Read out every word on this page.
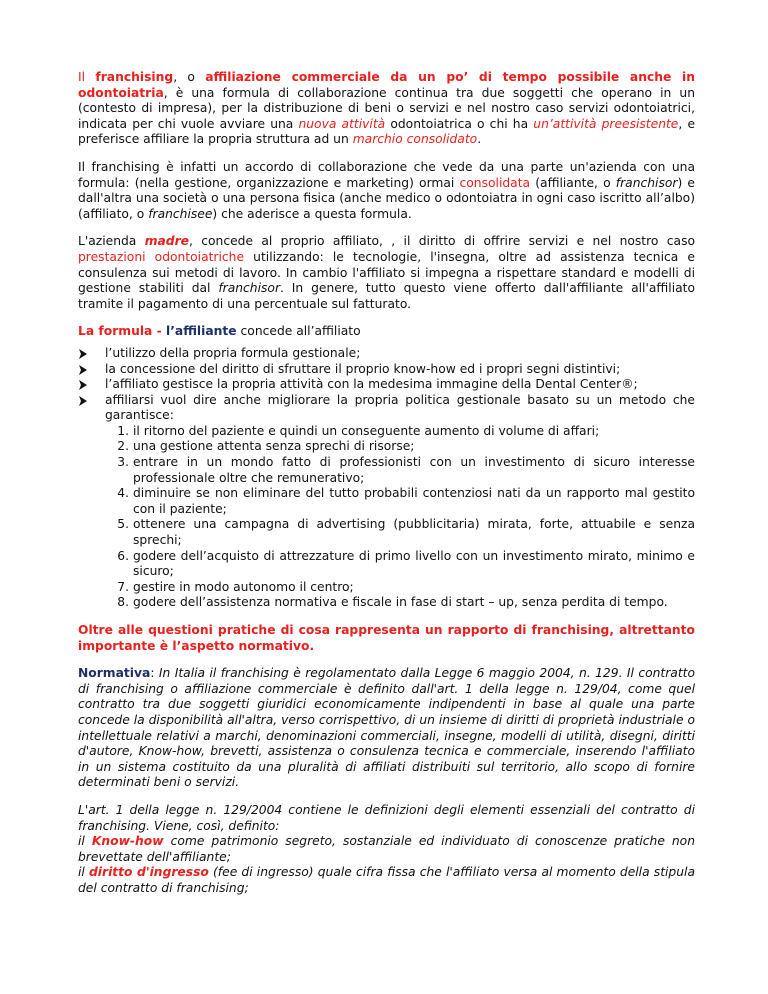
Il franchising, o affiliazione commerciale da un po’ di tempo possibile anche in odontoiatria, è una formula di collaborazione continua tra due soggetti che operano in un (contesto di impresa), per la distribuzione di beni o servizi e nel nostro caso servizi odontoiatrici, indicata per chi vuole avviare una nuova attività odontoiatrica o chi ha un’attività preesistente, e preferisce affiliare la propria struttura ad un marchio consolidato.

Il franchising è infatti un accordo di collaborazione che vede da una parte un'azienda con una formula: (nella gestione, organizzazione e marketing) ormai consolidata (affiliante, o franchisor) e dall'altra una società o una persona fisica (anche medico o odontoiatra in ogni caso iscritto all’albo) (affiliato, o franchisee) che aderisce a questa formula.

L'azienda madre, concede al proprio affiliato, , il diritto di offrire servizi e nel nostro caso prestazioni odontoiatriche utilizzando: le tecnologie, l'insegna, oltre ad assistenza tecnica e consulenza sui metodi di lavoro. In cambio l'affiliato si impegna a rispettare standard e modelli di gestione stabiliti dal franchisor. In genere, tutto questo viene offerto dall'affiliante all'affiliato tramite il pagamento di una percentuale sul fatturato.

La formula - l’affiliante concede all’affiliato

l’utilizzo della propria formula gestionale;
la concessione del diritto di sfruttare il proprio know-how ed i propri segni distintivi;
l’affiliato gestisce la propria attività con la medesima immagine della Dental Center®;
affiliarsi vuol dire anche migliorare la propria politica gestionale basato su un metodo che garantisce:
1. il ritorno del paziente e quindi un conseguente aumento di volume di affari;
2. una gestione attenta senza sprechi di risorse;
3. entrare in un mondo fatto di professionisti con un investimento di sicuro interesse professionale oltre che remunerativo;
4. diminuire se non eliminare del tutto probabili contenziosi nati da un rapporto mal gestito con il paziente;
5. ottenere una campagna di advertising (pubblicitaria) mirata, forte, attuabile e senza sprechi;
6. godere dell’acquisto di attrezzature di primo livello con un investimento mirato, minimo e sicuro;
7. gestire in modo autonomo il centro;
8. godere dell’assistenza normativa e fiscale in fase di start – up, senza perdita di tempo.

Oltre alle questioni pratiche di cosa rappresenta un rapporto di franchising, altrettanto importante è l’aspetto normativo.

Normativa: In Italia il franchising è regolamentato dalla Legge 6 maggio 2004, n. 129. Il contratto di franchising o affiliazione commerciale è definito dall'art. 1 della legge n. 129/04, come quel contratto tra due soggetti giuridici economicamente indipendenti in base al quale una parte concede la disponibilità all'altra, verso corrispettivo, di un insieme di diritti di proprietà industriale o intellettuale relativi a marchi, denominazioni commerciali, insegne, modelli di utilità, disegni, diritti d'autore, Know-how, brevetti, assistenza o consulenza tecnica e commerciale, inserendo l'affiliato in un sistema costituito da una pluralità di affiliati distribuiti sul territorio, allo scopo di fornire determinati beni o servizi.

L'art. 1 della legge n. 129/2004 contiene le definizioni degli elementi essenziali del contratto di franchising. Viene, così, definito:
il Know-how come patrimonio segreto, sostanziale ed individuato di conoscenze pratiche non brevettate dell'affiliante;
il diritto d'ingresso (fee di ingresso) quale cifra fissa che l'affiliato versa al momento della stipula del contratto di franchising;
